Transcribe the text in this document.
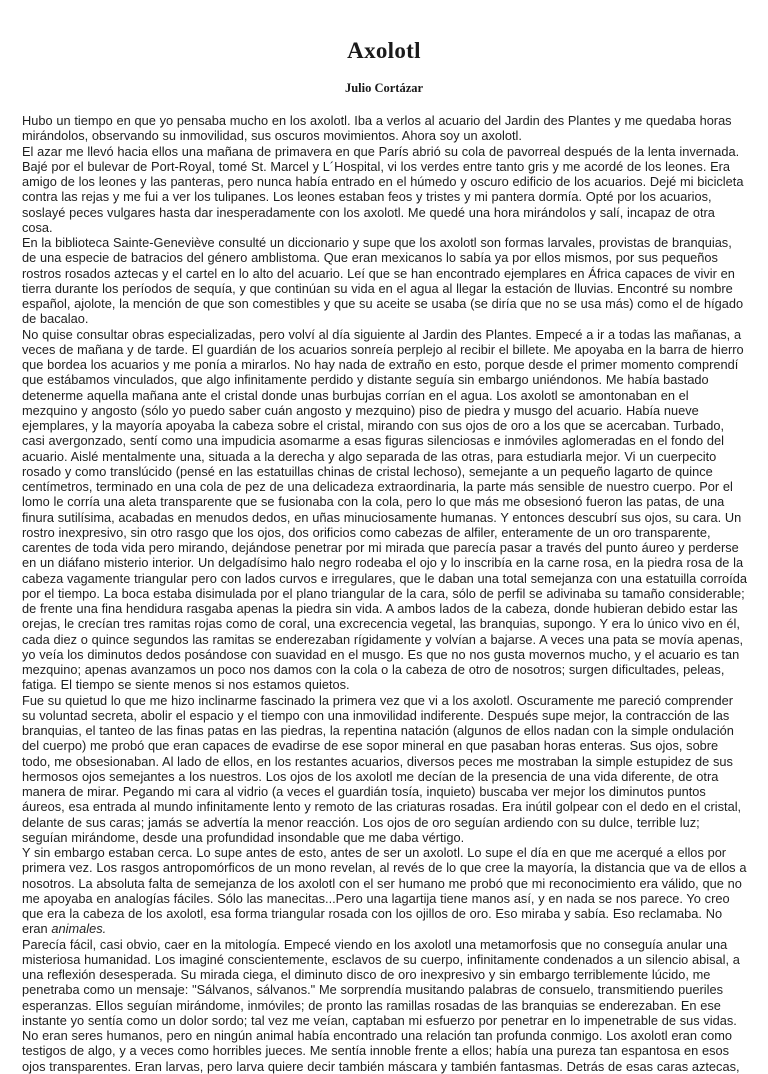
Axolotl
Julio Cortázar

Hubo un tiempo en que yo pensaba mucho en los axolotl. Iba a verlos al acuario del Jardin des Plantes y me quedaba horas mirándolos, observando su inmovilidad, sus oscuros movimientos. Ahora soy un axolotl.

El azar me llevó hacia ellos una mañana de primavera en que París abrió su cola de pavorreal después de la lenta invernada. Bajé por el bulevar de Port-Royal, tomé St. Marcel y L´Hospital, vi los verdes entre tanto gris y me acordé de los leones. Era amigo de los leones y las panteras, pero nunca había entrado en el húmedo y oscuro edificio de los acuarios. Dejé mi bicicleta contra las rejas y me fui a ver los tulipanes. Los leones estaban feos y tristes y mi pantera dormía. Opté por los acuarios, soslayé peces vulgares hasta dar inesperadamente con los axolotl. Me quedé una hora mirándolos y salí, incapaz de otra cosa.

En la biblioteca Sainte-Geneviève consulté un diccionario y supe que los axolotl son formas larvales, provistas de branquias, de una especie de batracios del género amblistoma. Que eran mexicanos lo sabía ya por ellos mismos, por sus pequeños rostros rosados aztecas y el cartel en lo alto del acuario. Leí que se han encontrado ejemplares en África capaces de vivir en tierra durante los períodos de sequía, y que continúan su vida en el agua al llegar la estación de lluvias. Encontré su nombre español, ajolote, la mención de que son comestibles y que su aceite se usaba (se diría que no se usa más) como el de hígado de bacalao.

No quise consultar obras especializadas, pero volví al día siguiente al Jardin des Plantes. Empecé a ir a todas las mañanas, a veces de mañana y de tarde. El guardián de los acuarios sonreía perplejo al recibir el billete. Me apoyaba en la barra de hierro que bordea los acuarios y me ponía a mirarlos. No hay nada de extraño en esto, porque desde el primer momento comprendí que estábamos vinculados, que algo infinitamente perdido y distante seguía sin embargo uniéndonos. Me había bastado detenerme aquella mañana ante el cristal donde unas burbujas corrían en el agua. Los axolotl se amontonaban en el mezquino y angosto (sólo yo puedo saber cuán angosto y mezquino) piso de piedra y musgo del acuario. Había nueve ejemplares, y la mayoría apoyaba la cabeza sobre el cristal, mirando con sus ojos de oro a los que se acercaban. Turbado, casi avergonzado, sentí como una impudicia asomarme a esas figuras silenciosas e inmóviles aglomeradas en el fondo del acuario. Aislé mentalmente una, situada a la derecha y algo separada de las otras, para estudiarla mejor. Vi un cuerpecito rosado y como translúcido (pensé en las estatuillas chinas de cristal lechoso), semejante a un pequeño lagarto de quince centímetros, terminado en una cola de pez de una delicadeza extraordinaria, la parte más sensible de nuestro cuerpo. Por el lomo le corría una aleta transparente que se fusionaba con la cola, pero lo que más me obsesionó fueron las patas, de una finura sutilísima, acabadas en menudos dedos, en uñas minuciosamente humanas. Y entonces descubrí sus ojos, su cara. Un rostro inexpresivo, sin otro rasgo que los ojos, dos orificios como cabezas de alfiler, enteramente de un oro transparente, carentes de toda vida pero mirando, dejándose penetrar por mi mirada que parecía pasar a través del punto áureo y perderse en un diáfano misterio interior. Un delgadísimo halo negro rodeaba el ojo y lo inscribía en la carne rosa, en la piedra rosa de la cabeza vagamente triangular pero con lados curvos e irregulares, que le daban una total semejanza con una estatuilla corroída por el tiempo. La boca estaba disimulada por el plano triangular de la cara, sólo de perfil se adivinaba su tamaño considerable; de frente una fina hendidura rasgaba apenas la piedra sin vida. A ambos lados de la cabeza, donde hubieran debido estar las orejas, le crecían tres ramitas rojas como de coral, una excrecencia vegetal, las branquias, supongo. Y era lo único vivo en él, cada diez o quince segundos las ramitas se enderezaban rígidamente y volvían a bajarse. A veces una pata se movía apenas, yo veía los diminutos dedos posándose con suavidad en el musgo. Es que no nos gusta movernos mucho, y el acuario es tan mezquino; apenas avanzamos un poco nos damos con la cola o la cabeza de otro de nosotros; surgen dificultades, peleas, fatiga. El tiempo se siente menos si nos estamos quietos.

Fue su quietud lo que me hizo inclinarme fascinado la primera vez que vi a los axolotl. Oscuramente me pareció comprender su voluntad secreta, abolir el espacio y el tiempo con una inmovilidad indiferente. Después supe mejor, la contracción de las branquias, el tanteo de las finas patas en las piedras, la repentina natación (algunos de ellos nadan con la simple ondulación del cuerpo) me probó que eran capaces de evadirse de ese sopor mineral en que pasaban horas enteras. Sus ojos, sobre todo, me obsesionaban. Al lado de ellos, en los restantes acuarios, diversos peces me mostraban la simple estupidez de sus hermosos ojos semejantes a los nuestros. Los ojos de los axolotl me decían de la presencia de una vida diferente, de otra manera de mirar. Pegando mi cara al vidrio (a veces el guardián tosía, inquieto) buscaba ver mejor los diminutos puntos áureos, esa entrada al mundo infinitamente lento y remoto de las criaturas rosadas. Era inútil golpear con el dedo en el cristal, delante de sus caras; jamás se advertía la menor reacción. Los ojos de oro seguían ardiendo con su dulce, terrible luz; seguían mirándome, desde una profundidad insondable que me daba vértigo.

Y sin embargo estaban cerca. Lo supe antes de esto, antes de ser un axolotl. Lo supe el día en que me acerqué a ellos por primera vez. Los rasgos antropomórficos de un mono revelan, al revés de lo que cree la mayoría, la distancia que va de ellos a nosotros. La absoluta falta de semejanza de los axolotl con el ser humano me probó que mi reconocimiento era válido, que no me apoyaba en analogías fáciles. Sólo las manecitas...Pero una lagartija tiene manos así, y en nada se nos parece. Yo creo que era la cabeza de los axolotl, esa forma triangular rosada con los ojillos de oro. Eso miraba y sabía. Eso reclamaba. No eran animales.

Parecía fácil, casi obvio, caer en la mitología. Empecé viendo en los axolotl una metamorfosis que no conseguía anular una misteriosa humanidad. Los imaginé conscientemente, esclavos de su cuerpo, infinitamente condenados a un silencio abisal, a una reflexión desesperada. Su mirada ciega, el diminuto disco de oro inexpresivo y sin embargo terriblemente lúcido, me penetraba como un mensaje: "Sálvanos, sálvanos." Me sorprendía musitando palabras de consuelo, transmitiendo pueriles esperanzas. Ellos seguían mirándome, inmóviles; de pronto las ramillas rosadas de las branquias se enderezaban. En ese instante yo sentía como un dolor sordo; tal vez me veían, captaban mi esfuerzo por penetrar en lo impenetrable de sus vidas. No eran seres humanos, pero en ningún animal había encontrado una relación tan profunda conmigo. Los axolotl eran como testigos de algo, y a veces como horribles jueces. Me sentía innoble frente a ellos; había una pureza tan espantosa en esos ojos transparentes. Eran larvas, pero larva quiere decir también máscara y también fantasmas. Detrás de esas caras aztecas,
